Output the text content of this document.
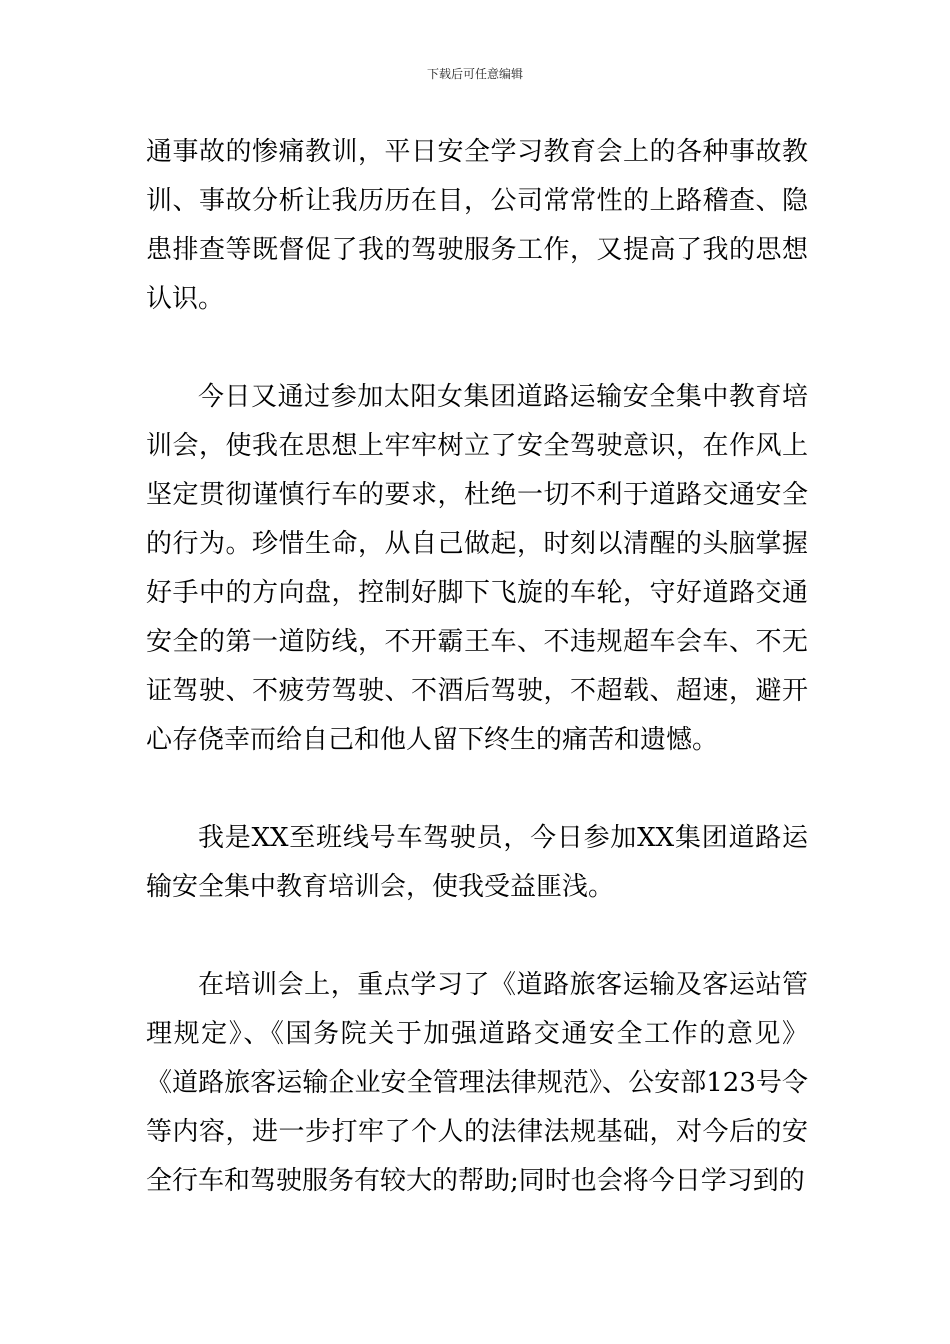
下载后可任意编辑

通事故的惨痛教训，平日安全学习教育会上的各种事故教训、事故分析让我历历在目，公司常常性的上路稽查、隐患排查等既督促了我的驾驶服务工作，又提高了我的思想认识。

今日又通过参加太阳女集团道路运输安全集中教育培训会，使我在思想上牢牢树立了安全驾驶意识，在作风上坚定贯彻谨慎行车的要求，杜绝一切不利于道路交通安全的行为。珍惜生命，从自己做起，时刻以清醒的头脑掌握好手中的方向盘，控制好脚下飞旋的车轮，守好道路交通安全的第一道防线，不开霸王车、不违规超车会车、不无证驾驶、不疲劳驾驶、不酒后驾驶，不超载、超速，避开心存侥幸而给自己和他人留下终生的痛苦和遗憾。

我是XX至班线号车驾驶员，今日参加XX集团道路运输安全集中教育培训会，使我受益匪浅。

在培训会上，重点学习了《道路旅客运输及客运站管理规定》、《国务院关于加强道路交通安全工作的意见》《道路旅客运输企业安全管理法律规范》、公安部123号令等内容，进一步打牢了个人的法律法规基础，对今后的安全行车和驾驶服务有较大的帮助;同时也会将今日学习到的
